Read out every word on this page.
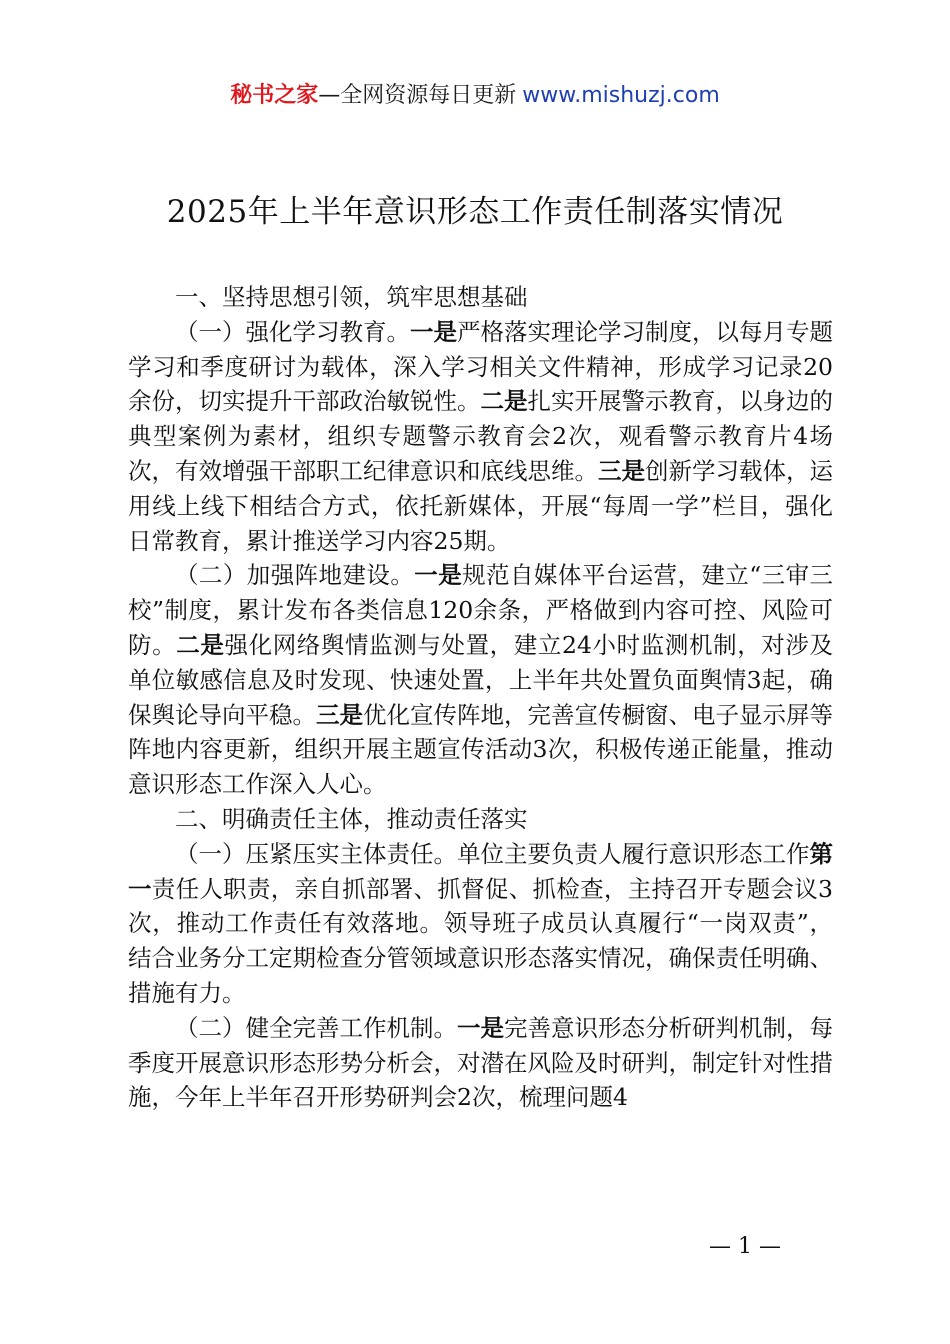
秘书之家—全网资源每日更新 www.mishuzj.com
2025年上半年意识形态工作责任制落实情况

一、坚持思想引领，筑牢思想基础

（一）强化学习教育。一是严格落实理论学习制度，以每月专题学习和季度研讨为载体，深入学习相关文件精神，形成学习记录20余份，切实提升干部政治敏锐性。二是扎实开展警示教育，以身边的典型案例为素材，组织专题警示教育会2次，观看警示教育片4场次，有效增强干部职工纪律意识和底线思维。三是创新学习载体，运用线上线下相结合方式，依托新媒体，开展“每周一学”栏目，强化日常教育，累计推送学习内容25期。

（二）加强阵地建设。一是规范自媒体平台运营，建立“三审三校”制度，累计发布各类信息120余条，严格做到内容可控、风险可防。二是强化网络舆情监测与处置，建立24小时监测机制，对涉及单位敏感信息及时发现、快速处置，上半年共处置负面舆情3起，确保舆论导向平稳。三是优化宣传阵地，完善宣传橱窗、电子显示屏等阵地内容更新，组织开展主题宣传活动3次，积极传递正能量，推动意识形态工作深入人心。

二、明确责任主体，推动责任落实

（一）压紧压实主体责任。单位主要负责人履行意识形态工作第一责任人职责，亲自抓部署、抓督促、抓检查，主持召开专题会议3次，推动工作责任有效落地。领导班子成员认真履行“一岗双责”，结合业务分工定期检查分管领域意识形态落实情况，确保责任明确、措施有力。

（二）健全完善工作机制。一是完善意识形态分析研判机制，每季度开展意识形态形势分析会，对潜在风险及时研判，制定针对性措施，今年上半年召开形势研判会2次，梳理问题4

— 1 —
